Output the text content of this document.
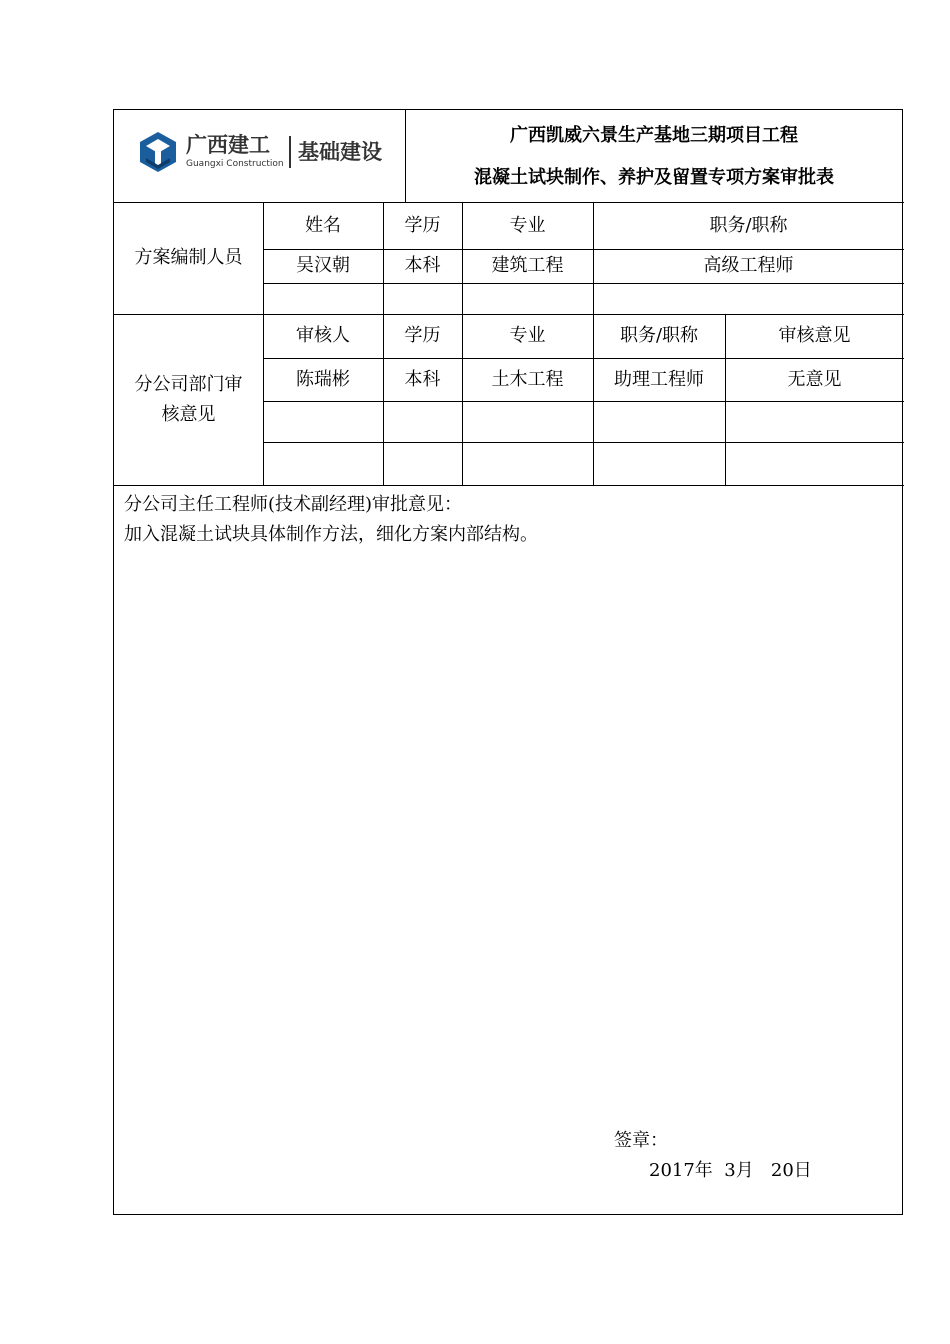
广西建工
Guangxi Construction 基础建设
广西凯威六景生产基地三期项目工程
混凝土试块制作、养护及留置专项方案审批表
方案编制人员
姓名	学历	专业	职务/职称
吴汉朝	本科	建筑工程	高级工程师
分公司部门审核意见
审核人	学历	专业	职务/职称	审核意见
陈瑞彬	本科	土木工程	助理工程师	无意见
分公司主任工程师(技术副经理)审批意见：
加入混凝土试块具体制作方法，细化方案内部结构。
签章：
2017年  3月   20日
